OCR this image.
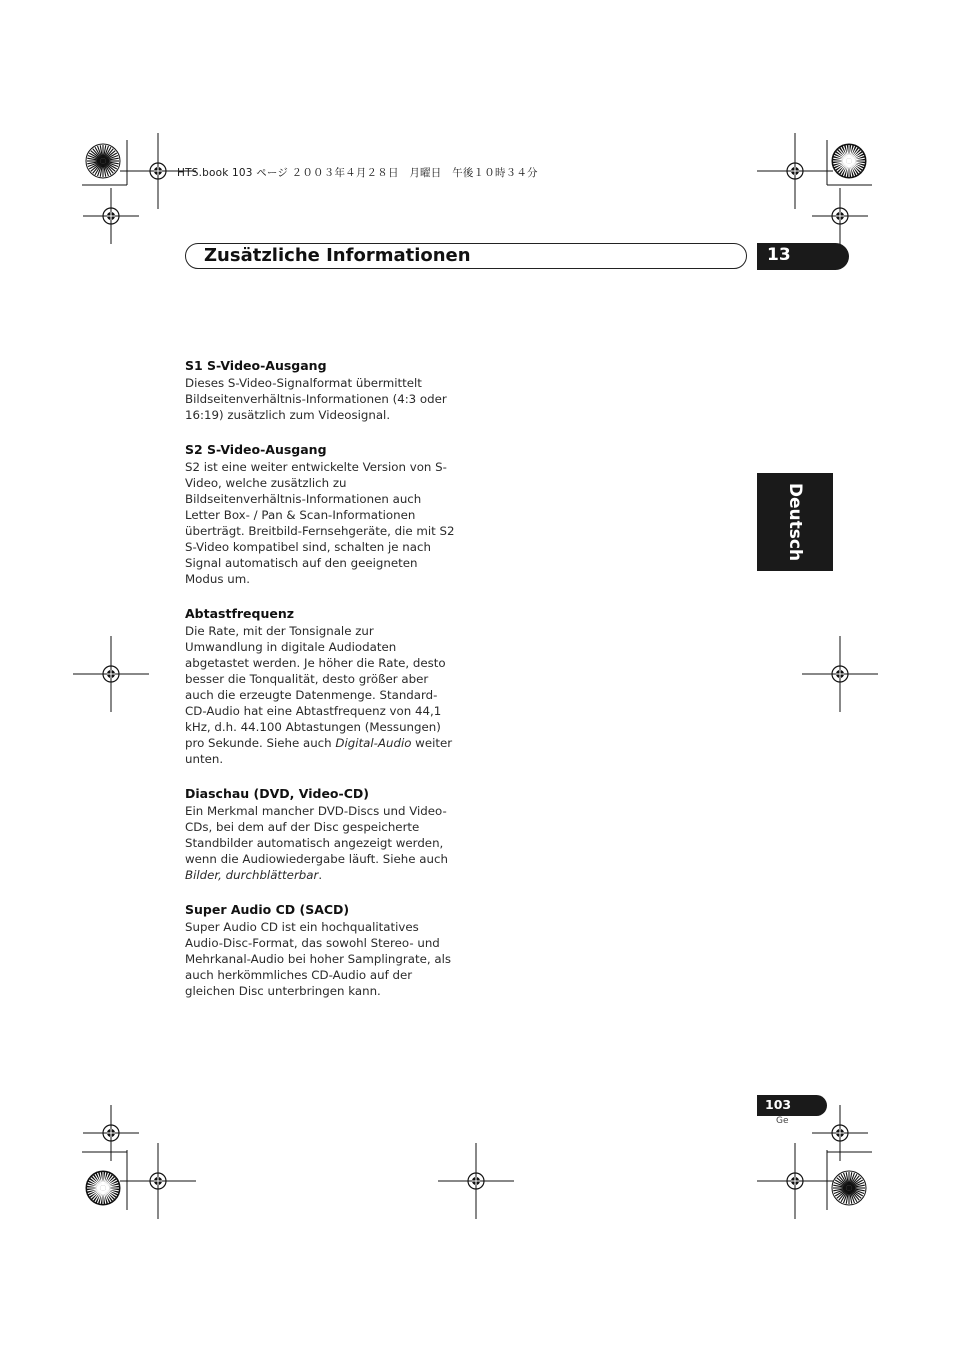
HTS.book 103 ページ ２００３年４月２８日　月曜日　午後１０時３４分
Zusätzliche Informationen	13
Deutsch
S1 S-Video-Ausgang

Dieses S-Video-Signalformat übermittelt
Bildseitenverhältnis-Informationen (4:3 oder
16:19) zusätzlich zum Videosignal.

S2 S-Video-Ausgang

S2 ist eine weiter entwickelte Version von S-
Video, welche zusätzlich zu
Bildseitenverhältnis-Informationen auch
Letter Box- / Pan & Scan-Informationen
überträgt. Breitbild-Fernsehgeräte, die mit S2
S-Video kompatibel sind, schalten je nach
Signal automatisch auf den geeigneten
Modus um.

Abtastfrequenz

Die Rate, mit der Tonsignale zur
Umwandlung in digitale Audiodaten
abgetastet werden. Je höher die Rate, desto
besser die Tonqualität, desto größer aber
auch die erzeugte Datenmenge. Standard-
CD-Audio hat eine Abtastfrequenz von 44,1
kHz, d.h. 44.100 Abtastungen (Messungen)
pro Sekunde. Siehe auch Digital-Audio weiter
unten.

Diaschau (DVD, Video-CD)

Ein Merkmal mancher DVD-Discs und Video-
CDs, bei dem auf der Disc gespeicherte
Standbilder automatisch angezeigt werden,
wenn die Audiowiedergabe läuft. Siehe auch
Bilder, durchblätterbar.

Super Audio CD (SACD)

Super Audio CD ist ein hochqualitatives
Audio-Disc-Format, das sowohl Stereo- und
Mehrkanal-Audio bei hoher Samplingrate, als
auch herkömmliches CD-Audio auf der
gleichen Disc unterbringen kann.

103
Ge
